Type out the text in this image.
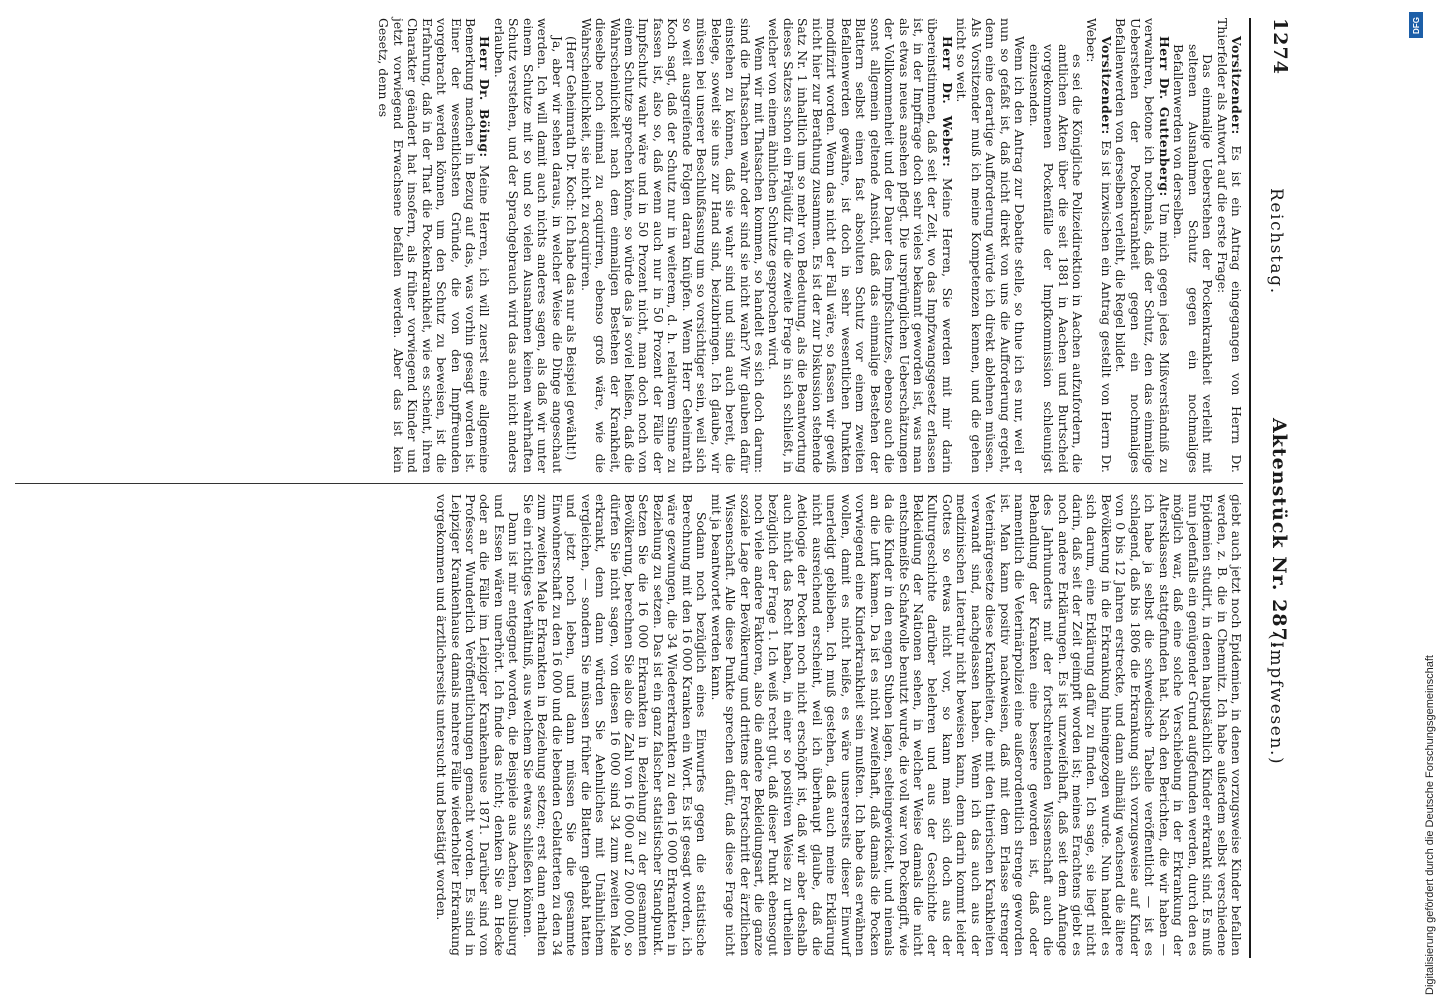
1274
Reichstag.
Aktenstück Nr. 287.
(Impfwesen.)

Vorsitzender: Es ist ein Antrag eingegangen von Herrn Dr. Thierfelder als Antwort auf die erste Frage:

Das einmalige Ueberstehen der Pockenkrankheit verleiht mit seltenen Ausnahmen Schutz gegen ein nochmaliges Befallenwerden von derselben.

Herr Dr. Guttenberg: Um mich gegen jedes Mißverständniß zu verwahren, betone ich nochmals, daß der Schutz, den das einmalige Ueberstehen der Pockenkrankheit gegen ein nochmaliges Befallenwerden von derselben verleiht, die Regel bildet.

Vorsitzender: Es ist inzwischen ein Antrag gestellt von Herrn Dr. Weber:

es sei die Königliche Polizeidirektion in Aachen aufzufordern, die amtlichen Akten über die seit 1881 in Aachen und Burtscheid vorgekommenen Pockenfälle der Impfkommission schleunigst einzusenden.

Wenn ich den Antrag zur Debatte stelle, so thue ich es nur, weil er nun so gefaßt ist, daß nicht direkt von uns die Aufforderung ergeht, denn eine derartige Aufforderung würde ich direkt ablehnen müssen. Als Vorsitzender muß ich meine Kompetenzen kennen, und die gehen nicht so weit.

Herr Dr. Weber: Meine Herren, Sie werden mit mir darin übereinstimmen, daß seit der Zeit, wo das Impfzwangsgesetz erlassen ist, in der Impffrage doch sehr vieles bekannt geworden ist, was man als etwas neues ansehen pflegt. Die ursprünglichen Ueberschätzungen der Vollkommenheit und der Dauer des Impfschutzes, ebenso auch die sonst allgemein geltende Ansicht, daß das einmalige Bestehen der Blattern selbst einen fast absoluten Schutz vor einem zweiten Befallenwerden gewähre, ist doch in sehr wesentlichen Punkten modifizirt worden. Wenn das nicht der Fall wäre, so fassen wir gewiß nicht hier zur Berathung zusammen. Es ist der zur Diskussion stehende Satz Nr. 1 inhaltlich um so mehr von Bedeutung, als die Beantwortung dieses Satzes schon ein Präjudiz für die zweite Frage in sich schließt, in welcher von einem ähnlichen Schutze gesprochen wird.

Wenn wir mit Thatsachen kommen, so handelt es sich doch darum: sind die Thatsachen wahr oder sind sie nicht wahr? Wir glauben dafür einstehen zu können, daß sie wahr sind und sind auch bereit, die Belege, soweit sie uns zur Hand sind, beizubringen. Ich glaube, wir müssen bei unserer Beschlußfassung um so vorsichtiger sein, weil sich so weit ausgreifende Folgen daran knüpfen. Wenn Herr Geheimrath Koch sagt, daß der Schutz nur in weiterem, d. h. relativem Sinne zu fassen ist, also so, daß wenn auch nur in 50 Prozent der Fälle der Impfschutz wahr wäre und in 50 Prozent nicht, man doch noch von einem Schutze sprechen könne, so würde das ja soviel heißen, daß die Wahrscheinlichkeit nach dem einmaligen Bestehen der Krankheit, dieselbe noch einmal zu acquiriren, ebenso groß wäre, wie die Wahrscheinlichkeit, sie nicht zu acquiriren.

(Herr Geheimrath Dr. Koch: Ich habe das nur als Beispiel gewählt!)

Ja, aber wir sehen daraus, in welcher Weise die Dinge angeschaut werden. Ich will damit auch nichts anderes sagen, als daß wir unter einem Schutze mit so und so vielen Ausnahmen keinen wahrhaften Schutz verstehen, und der Sprachgebrauch wird das auch nicht anders erlauben.

Herr Dr. Böing: Meine Herren, ich will zuerst eine allgemeine Bemerkung machen in Bezug auf das, was vorhin gesagt worden ist. Einer der wesentlichsten Gründe, die von den Impffreunden vorgebracht werden können, um den Schutz zu beweisen, ist die Erfahrung, daß in der That die Pockenkrankheit, wie es scheint, ihren Charakter geändert hat insofern, als früher vorwiegend Kinder und jetzt vorwiegend Erwachsene befallen werden. Aber das ist kein Gesetz, denn es

giebt auch jetzt noch Epidemien, in denen vorzugsweise Kinder befallen werden, z. B. die in Chemnitz. Ich habe außerdem selbst verschiedene Epidemien studirt, in denen hauptsächlich Kinder erkrankt sind. Es muß nun jedenfalls ein genügender Grund aufgefunden werden, durch den es möglich war, daß eine solche Verschiebung in der Erkrankung der Altersklassen stattgefunden hat. Nach den Berichten, die wir haben — ich habe ja selbst die schwedische Tabelle veröffentlicht — ist es schlagend, daß bis 1806 die Erkrankung sich vorzugsweise auf Kinder von 0 bis 12 Jahren erstreckte, und dann allmälig wachsend die ältere Bevölkerung in die Erkrankung hineingezogen wurde. Nun handelt es sich darum, eine Erklärung dafür zu finden. Ich sage, sie liegt nicht darin, daß seit der Zeit geimpft worden ist; meines Erachtens giebt es noch andere Erklärungen. Es ist unzweifelhaft, daß seit dem Anfange des Jahrhunderts mit der fortschreitenden Wissenschaft auch die Behandlung der Kranken eine bessere geworden ist, daß oder namentlich die Veterinärpolizei eine außerordentlich strenge geworden ist. Man kann positiv nachweisen, daß mit dem Erlasse strenger Veterinärgesetze diese Krankheiten, die mit den thierischen Krankheiten verwandt sind, nachgelassen haben. Wenn ich das auch aus der medizinischen Literatur nicht beweisen kann, denn darin kommt leider Gottes so etwas nicht vor, so kann man sich doch aus der Kulturgeschichte darüber belehren und aus der Geschichte der Bekleidung der Nationen sehen, in welcher Weise damals die nicht entschmeißte Schafwolle benutzt wurde, die voll war von Pockengift, wie da die Kinder in den engen Stuben lagen, selteingewickelt, und niemals an die Luft kamen. Da ist es nicht zweifelhaft, daß damals die Pocken vorwiegend eine Kinderkrankheit sein mußten. Ich habe das erwähnen wollen, damit es nicht heiße, es wäre unsererseits dieser Einwurf unerledigt geblieben. Ich muß gestehen, daß auch meine Erklärung nicht ausreichend erscheint, weil ich überhaupt glaube, daß die Aetiologie der Pocken noch nicht erschöpft ist, daß wir aber deshalb auch nicht das Recht haben, in einer so positiven Weise zu urtheilen bezüglich der Frage 1. Ich weiß recht gut, daß dieser Punkt ebensogut noch viele andere Faktoren, also die andere Bekleidungsart, die ganze soziale Lage der Bevölkerung und drittens der Fortschritt der ärztlichen Wissenschaft. Alle diese Punkte sprechen dafür, daß diese Frage nicht mit ja beantwortet werden kann.

Sodann noch bezüglich eines Einwurfes gegen die statistische Berechnung mit den 16 000 Kranken ein Wort. Es ist gesagt worden, ich wäre gezwungen, die 34 Wiedererkrankten zu den 16 000 Erkrankten in Beziehung zu setzen. Das ist ein ganz falscher statistischer Standpunkt. Setzen Sie die 16 000 Erkrankten in Beziehung zu der gesammten Bevölkerung, berechnen Sie also die Zahl von 16 000 auf 2 000 000, so dürfen Sie nicht sagen, von diesen 16 000 sind 34 zum zweiten Male erkrankt, denn dann würden Sie Aehnliches mit Unähnlichem vergleichen, — sondern Sie müssen früher die Blattern gehabt hatten und jetzt noch leben, und dann müssen Sie die gesammte Einwohnerschaft zu den 16 000 und die lebenden Geblatterten zu den 34 zum zweiten Male Erkrankten in Beziehung setzen; erst dann erhalten Sie ein richtiges Verhältniß, aus welchem Sie etwas schließen können.

Dann ist mir entgegnet worden, die Beispiele aus Aachen, Duisburg und Essen wären unerhört. Ich finde das nicht; denken Sie an Hecke oder an die Fälle im Leipziger Krankenhause 1871. Darüber sind von Professor Wunderlich Veröffentlichungen gemacht worden. Es sind in Leipziger Krankenhause damals mehrere Fälle wiederholter Erkrankung vorgekommen und ärztlicherseits untersucht und bestätigt worden.

DFG
Digitalisierung gefördert durch die Deutsche Forschungsgemeinschaft
